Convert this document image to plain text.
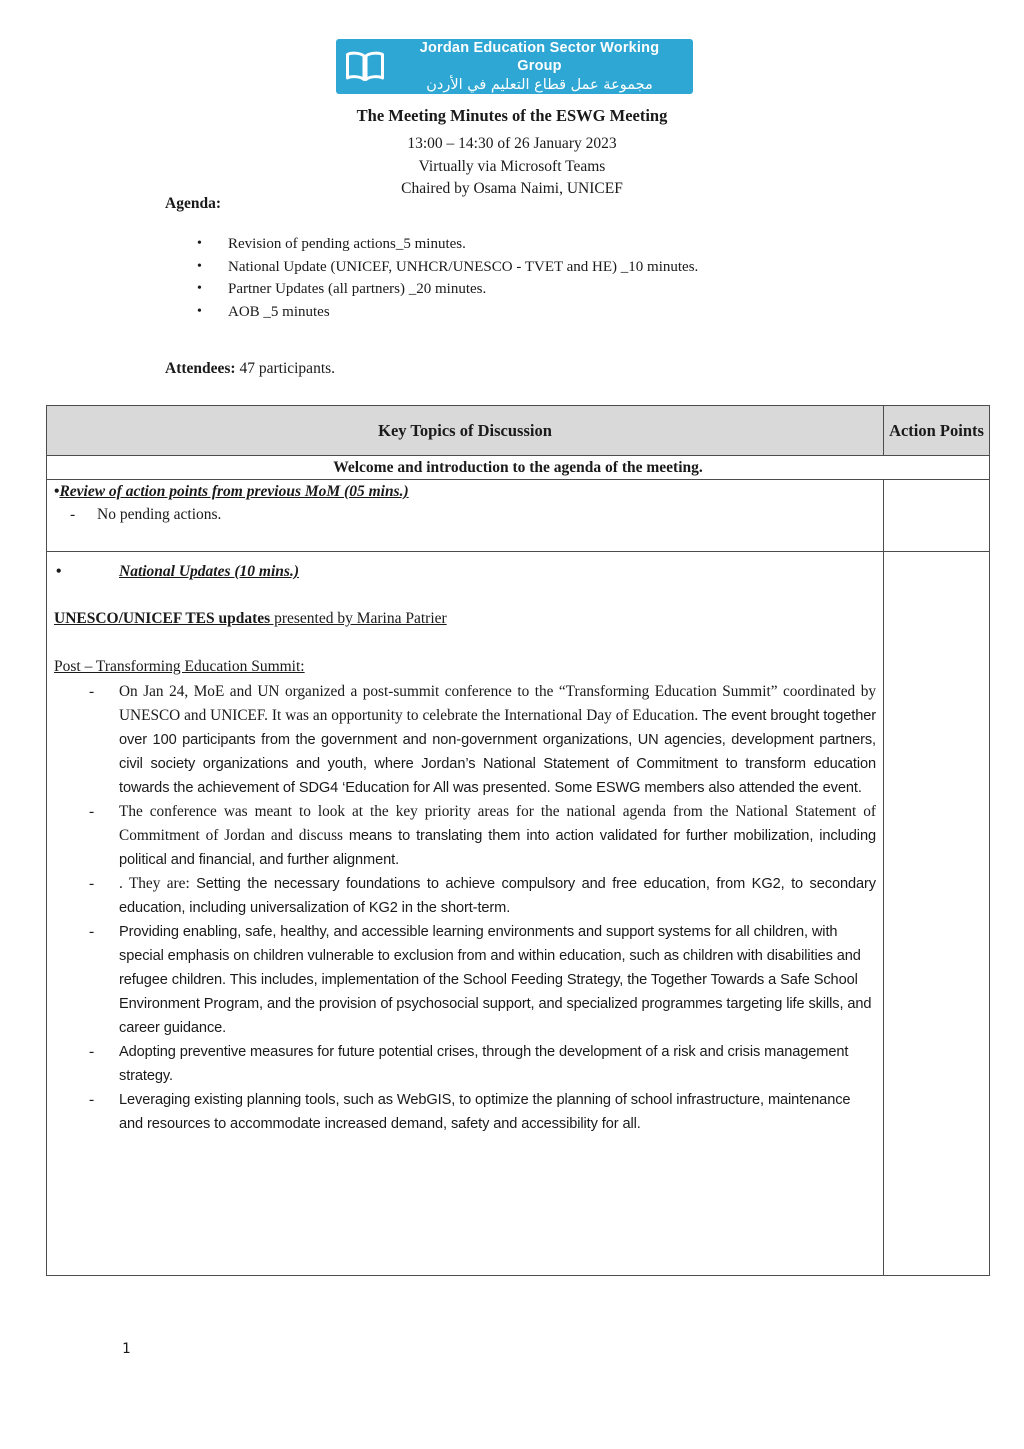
Jordan Education Sector Working Group
مجموعة عمل قطاع التعليم في الأردن
The Meeting Minutes of the ESWG Meeting
13:00 – 14:30 of 26 January 2023
Virtually via Microsoft Teams
Chaired by Osama Naimi, UNICEF
Agenda:
• Revision of pending actions_5 minutes.
• National Update (UNICEF, UNHCR/UNESCO - TVET and HE) _10 minutes.
• Partner Updates (all partners) _20 minutes.
• AOB _5 minutes
Attendees: 47 participants.
Key Topics of Discussion	Action Points
Welcome and introduction to the agenda of the meeting.
•Review of action points from previous MoM (05 mins.)
- No pending actions.
•	National Updates (10 mins.)
UNESCO/UNICEF TES updates presented by Marina Patrier
Post – Transforming Education Summit:
- On Jan 24, MoE and UN organized a post-summit conference to the “Transforming Education Summit” coordinated by UNESCO and UNICEF. It was an opportunity to celebrate the International Day of Education. The event brought together over 100 participants from the government and non-government organizations, UN agencies, development partners, civil society organizations and youth, where Jordan’s National Statement of Commitment to transform education towards the achievement of SDG4 ‘Education for All was presented. Some ESWG members also attended the event.
- The conference was meant to look at the key priority areas for the national agenda from the National Statement of Commitment of Jordan and discuss means to translating them into action validated for further mobilization, including political and financial, and further alignment.
- . They are: Setting the necessary foundations to achieve compulsory and free education, from KG2, to secondary education, including universalization of KG2 in the short-term.
- Providing enabling, safe, healthy, and accessible learning environments and support systems for all children, with special emphasis on children vulnerable to exclusion from and within education, such as children with disabilities and refugee children. This includes, implementation of the School Feeding Strategy, the Together Towards a Safe School Environment Program, and the provision of psychosocial support, and specialized programmes targeting life skills, and career guidance.
- Adopting preventive measures for future potential crises, through the development of a risk and crisis management strategy.
- Leveraging existing planning tools, such as WebGIS, to optimize the planning of school infrastructure, maintenance and resources to accommodate increased demand, safety and accessibility for all.
1
